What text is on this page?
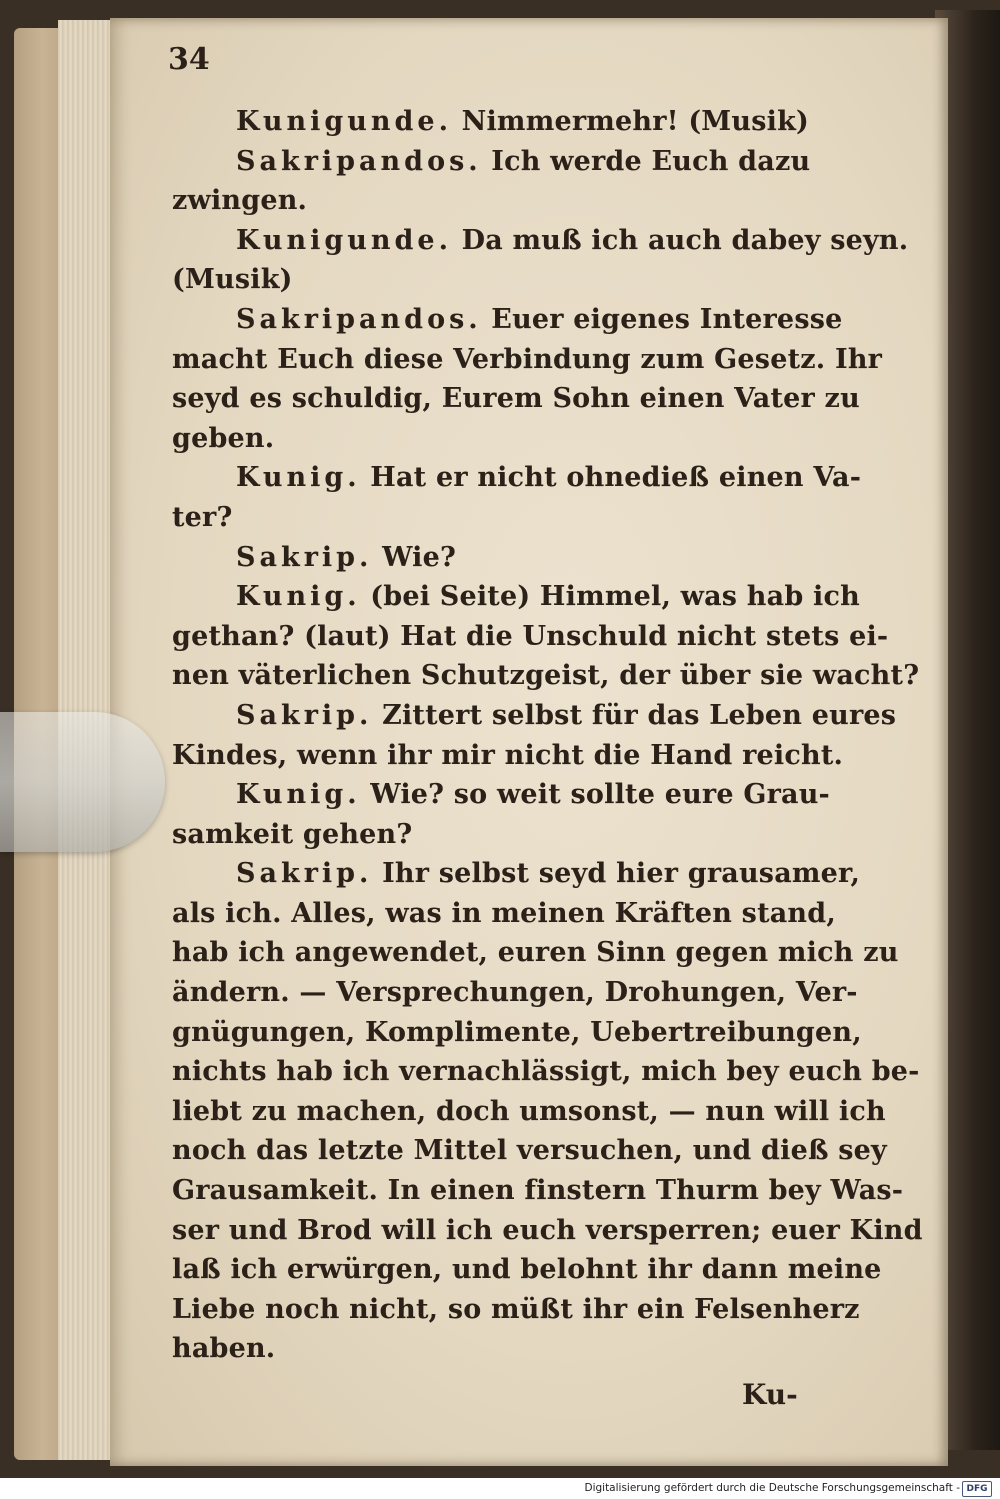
34
Kunigunde. Nimmermehr! (Musik)
Sakripandos. Ich werde Euch dazu
zwingen.
Kunigunde. Da muß ich auch dabey seyn.
(Musik)
Sakripandos. Euer eigenes Interesse
macht Euch diese Verbindung zum Gesetz. Ihr
seyd es schuldig, Eurem Sohn einen Vater zu
geben.
Kunig. Hat er nicht ohnedieß einen Va-
ter?
Sakrip. Wie?
Kunig. (bei Seite) Himmel, was hab ich
gethan? (laut) Hat die Unschuld nicht stets ei-
nen väterlichen Schutzgeist, der über sie wacht?
Sakrip. Zittert selbst für das Leben eures
Kindes, wenn ihr mir nicht die Hand reicht.
Kunig. Wie? so weit sollte eure Grau-
samkeit gehen?
Sakrip. Ihr selbst seyd hier grausamer,
als ich. Alles, was in meinen Kräften stand,
hab ich angewendet, euren Sinn gegen mich zu
ändern. — Versprechungen, Drohungen, Ver-
gnügungen, Komplimente, Uebertreibungen,
nichts hab ich vernachlässigt, mich bey euch be-
liebt zu machen, doch umsonst, — nun will ich
noch das letzte Mittel versuchen, und dieß sey
Grausamkeit. In einen finstern Thurm bey Was-
ser und Brod will ich euch versperren; euer Kind
laß ich erwürgen, und belohnt ihr dann meine
Liebe noch nicht, so müßt ihr ein Felsenherz
haben.
Ku-
Digitalisierung gefördert durch die Deutsche Forschungsgemeinschaft - DFG
